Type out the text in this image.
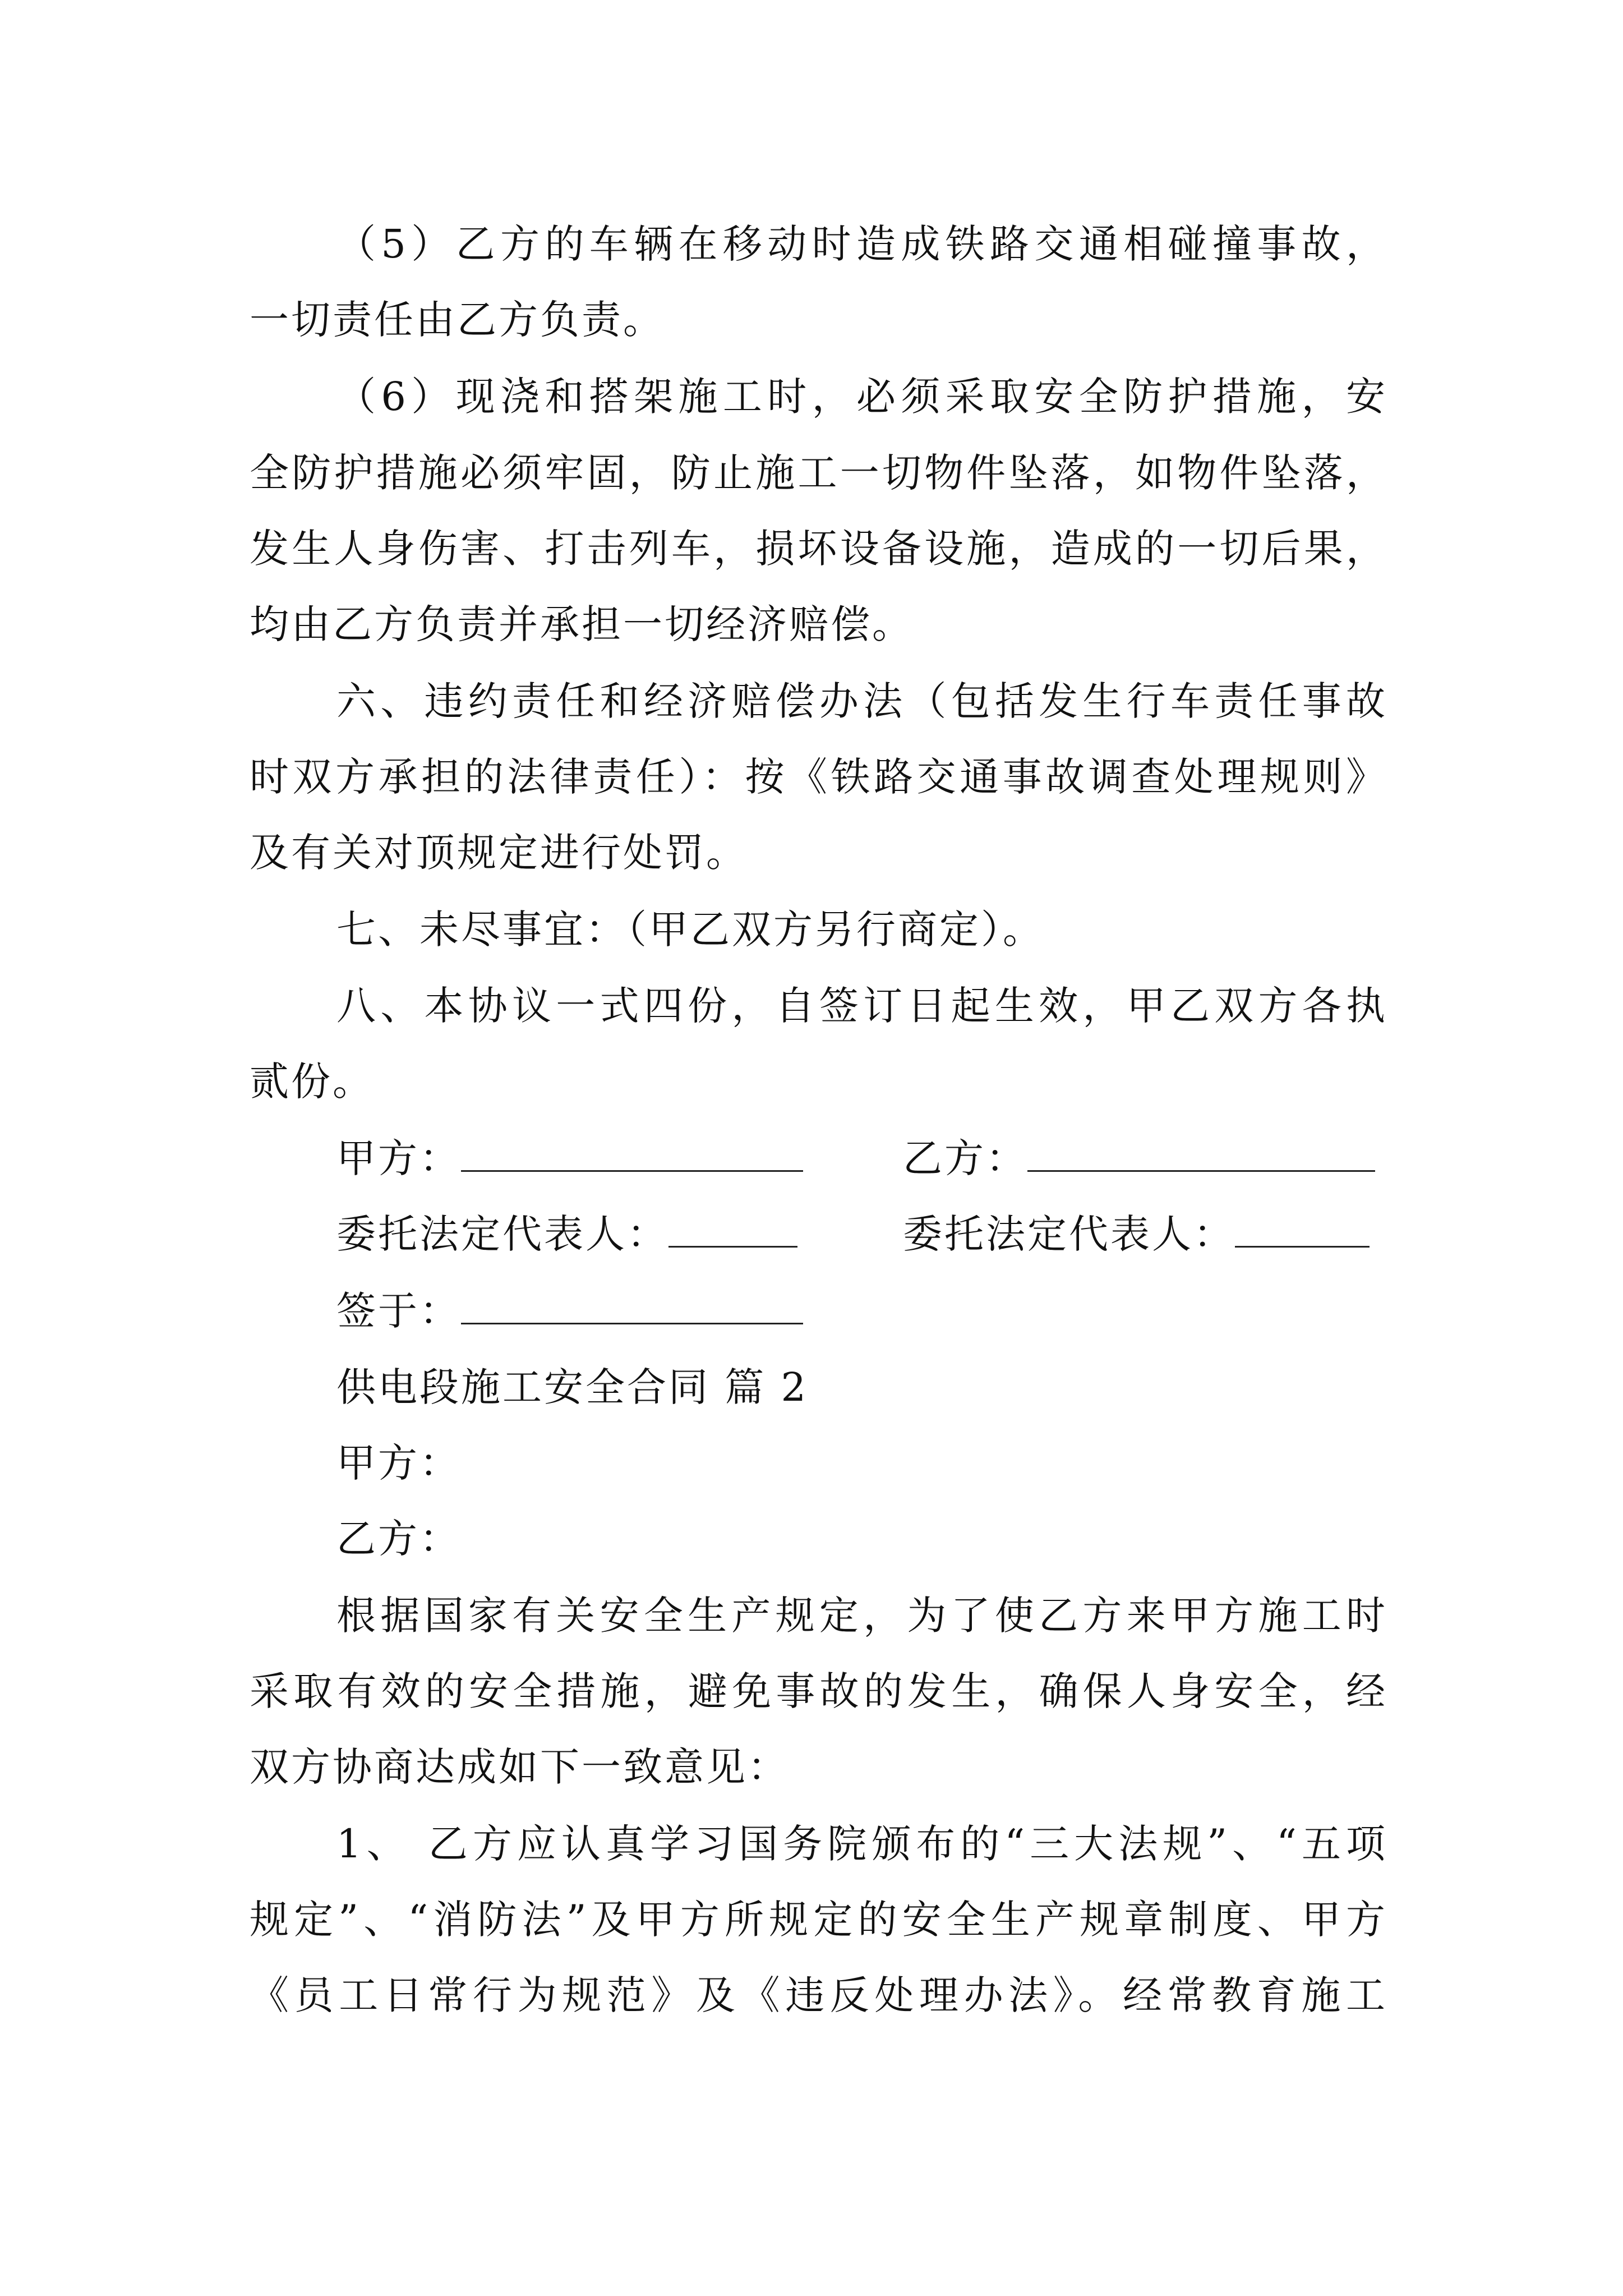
（5）乙方的车辆在移动时造成铁路交通相碰撞事故，
一切责任由乙方负责。
（6）现浇和搭架施工时，必须采取安全防护措施，安
全防护措施必须牢固，防止施工一切物件坠落，如物件坠落，
发生人身伤害、打击列车，损坏设备设施，造成的一切后果，
均由乙方负责并承担一切经济赔偿。
六、违约责任和经济赔偿办法（包括发生行车责任事故
时双方承担的法律责任）：按《铁路交通事故调查处理规则》
及有关对顶规定进行处罚。
七、未尽事宜：（甲乙双方另行商定）。
八、本协议一式四份，自签订日起生效，甲乙双方各执
贰份。
甲方：	乙方：
委托法定代表人：	委托法定代表人：
签于：
供电段施工安全合同 篇 2
甲方：
乙方：
根据国家有关安全生产规定，为了使乙方来甲方施工时
采取有效的安全措施，避免事故的发生，确保人身安全，经
双方协商达成如下一致意见：
1、 乙方应认真学习国务院颁布的“三大法规”、“五项
规定”、“消防法”及甲方所规定的安全生产规章制度、甲方
《员工日常行为规范》及《违反处理办法》。经常教育施工
